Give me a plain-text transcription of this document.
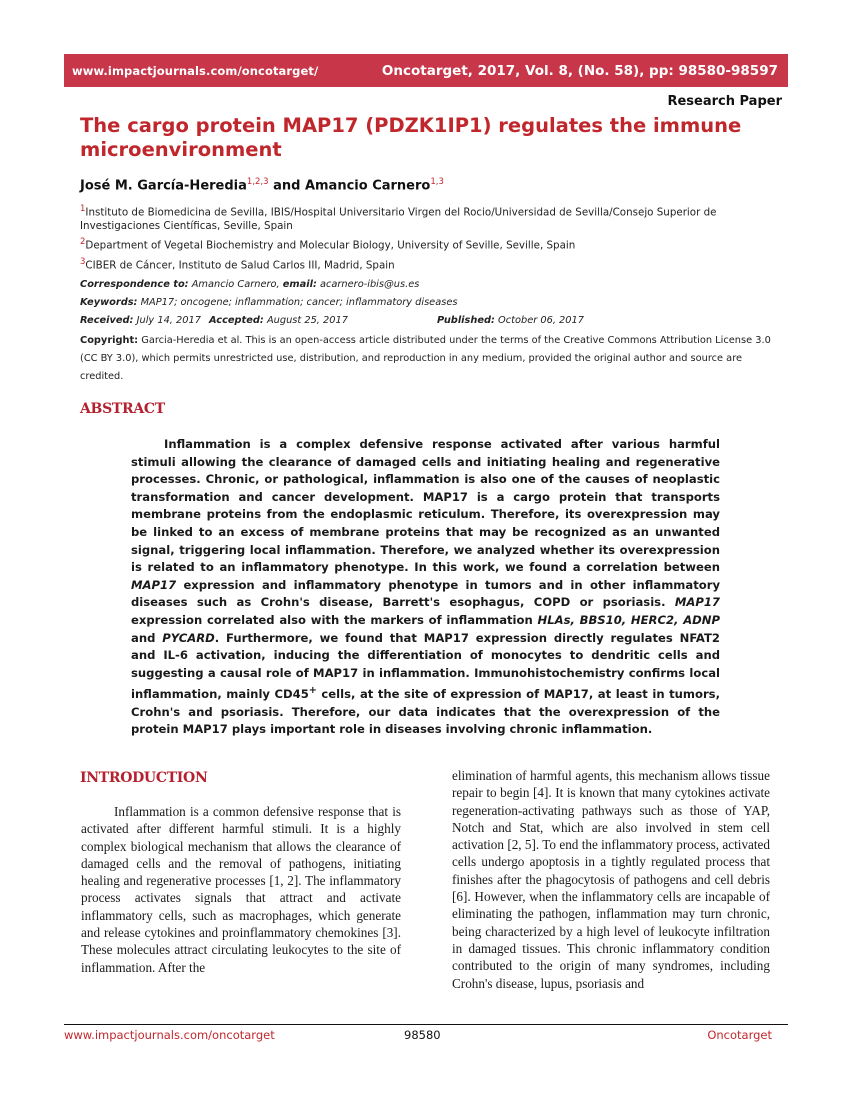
www.impactjournals.com/oncotarget/	Oncotarget, 2017, Vol. 8, (No. 58), pp: 98580-98597
Research Paper
The cargo protein MAP17 (PDZK1IP1) regulates the immune microenvironment
José M. García-Heredia$^{1,2,3}$ and Amancio Carnero$^{1,3}$
$^1$Instituto de Biomedicina de Sevilla, IBIS/Hospital Universitario Virgen del Rocio/Universidad de Sevilla/Consejo Superior de Investigaciones Científicas, Seville, Spain
$^2$Department of Vegetal Biochemistry and Molecular Biology, University of Seville, Seville, Spain
$^3$CIBER de Cáncer, Instituto de Salud Carlos III, Madrid, Spain
Correspondence to: Amancio Carnero, email: acarnero-ibis@us.es
Keywords: MAP17; oncogene; inflammation; cancer; inflammatory diseases
Received: July 14, 2017 Accepted: August 25, 2017	Published: October 06, 2017
Copyright: Garcia-Heredia et al. This is an open-access article distributed under the terms of the Creative Commons Attribution License 3.0 (CC BY 3.0), which permits unrestricted use, distribution, and reproduction in any medium, provided the original author and source are credited.
ABSTRACT

Inflammation is a complex defensive response activated after various harmful stimuli allowing the clearance of damaged cells and initiating healing and regenerative processes. Chronic, or pathological, inflammation is also one of the causes of neoplastic transformation and cancer development. MAP17 is a cargo protein that transports membrane proteins from the endoplasmic reticulum. Therefore, its overexpression may be linked to an excess of membrane proteins that may be recognized as an unwanted signal, triggering local inflammation. Therefore, we analyzed whether its overexpression is related to an inflammatory phenotype. In this work, we found a correlation between MAP17 expression and inflammatory phenotype in tumors and in other inflammatory diseases such as Crohn's disease, Barrett's esophagus, COPD or psoriasis. MAP17 expression correlated also with the markers of inflammation HLAs, BBS10, HERC2, ADNP and PYCARD. Furthermore, we found that MAP17 expression directly regulates NFAT2 and IL-6 activation, inducing the differentiation of monocytes to dendritic cells and suggesting a causal role of MAP17 in inflammation. Immunohistochemistry confirms local inflammation, mainly CD45+ cells, at the site of expression of MAP17, at least in tumors, Crohn's and psoriasis. Therefore, our data indicates that the overexpression of the protein MAP17 plays important role in diseases involving chronic inflammation.

INTRODUCTION

Inflammation is a common defensive response that is activated after different harmful stimuli. It is a highly complex biological mechanism that allows the clearance of damaged cells and the removal of pathogens, initiating healing and regenerative processes [1, 2]. The inflammatory process activates signals that attract and activate inflammatory cells, such as macrophages, which generate and release cytokines and proinflammatory chemokines [3]. These molecules attract circulating leukocytes to the site of inflammation. After the

elimination of harmful agents, this mechanism allows tissue repair to begin [4]. It is known that many cytokines activate regeneration-activating pathways such as those of YAP, Notch and Stat, which are also involved in stem cell activation [2, 5]. To end the inflammatory process, activated cells undergo apoptosis in a tightly regulated process that finishes after the phagocytosis of pathogens and cell debris [6]. However, when the inflammatory cells are incapable of eliminating the pathogen, inflammation may turn chronic, being characterized by a high level of leukocyte infiltration in damaged tissues. This chronic inflammatory condition contributed to the origin of many syndromes, including Crohn's disease, lupus, psoriasis and

www.impactjournals.com/oncotarget	98580	Oncotarget
